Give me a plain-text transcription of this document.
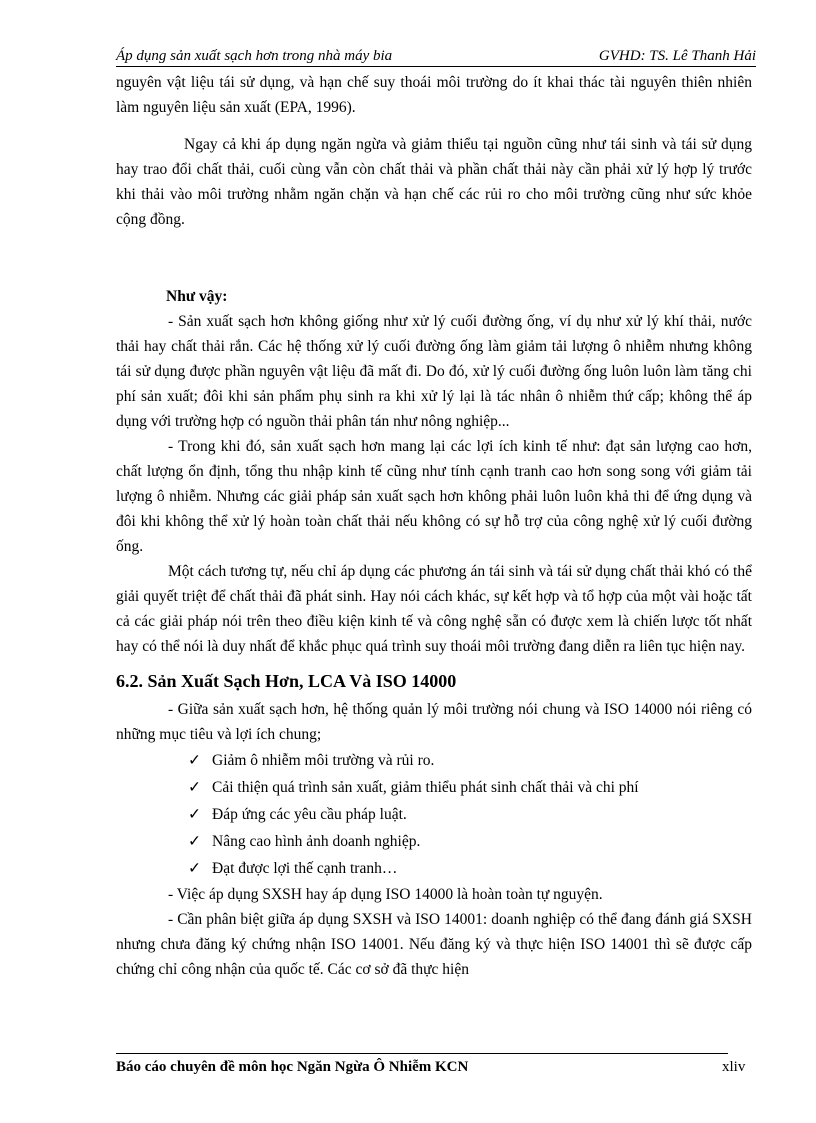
Áp dụng sản xuất sạch hơn trong nhà máy bia	GVHD: TS. Lê Thanh Hải

nguyên vật liệu tái sử dụng, và hạn chế suy thoái môi trường do ít khai thác tài nguyên thiên nhiên làm nguyên liệu sản xuất (EPA, 1996).

Ngay cả khi áp dụng ngăn ngừa và giảm thiểu tại nguồn cũng như tái sinh và tái sử dụng hay trao đổi chất thải, cuối cùng vẫn còn chất thải và phần chất thải này cần phải xử lý hợp lý trước khi thải vào môi trường nhằm ngăn chặn và hạn chế các rủi ro cho môi trường cũng như sức khỏe cộng đồng.

Như vậy:

- Sản xuất sạch hơn không giống như xử lý cuối đường ống, ví dụ như xử lý khí thải, nước thải hay chất thải rắn. Các hệ thống xử lý cuối đường ống làm giảm tải lượng ô nhiễm nhưng không tái sử dụng được phần nguyên vật liệu đã mất đi. Do đó, xử lý cuối đường ống luôn luôn làm tăng chi phí sản xuất; đôi khi sản phẩm phụ sinh ra khi xử lý lại là tác nhân ô nhiễm thứ cấp; không thể áp dụng với trường hợp có nguồn thải phân tán như nông nghiệp...

- Trong khi đó, sản xuất sạch hơn mang lại các lợi ích kinh tế như: đạt sản lượng cao hơn, chất lượng ổn định, tổng thu nhập kinh tế cũng như tính cạnh tranh cao hơn song song với giảm tải lượng ô nhiễm. Nhưng các giải pháp sản xuất sạch hơn không phải luôn luôn khả thi để ứng dụng và đôi khi không thể xử lý hoàn toàn chất thải nếu không có sự hỗ trợ của công nghệ xử lý cuối đường ống.

Một cách tương tự, nếu chỉ áp dụng các phương án tái sinh và tái sử dụng chất thải khó có thể giải quyết triệt để chất thải đã phát sinh. Hay nói cách khác, sự kết hợp và tổ hợp của một vài hoặc tất cả các giải pháp nói trên theo điều kiện kinh tế và công nghệ sẵn có được xem là chiến lược tốt nhất hay có thể nói là duy nhất để khắc phục quá trình suy thoái môi trường đang diễn ra liên tục hiện nay.

6.2. Sản Xuất Sạch Hơn, LCA Và ISO 14000

- Giữa sản xuất sạch hơn, hệ thống quản lý môi trường nói chung và ISO 14000 nói riêng có những mục tiêu và lợi ích chung;

✓ Giảm ô nhiễm môi trường và rủi ro.
✓ Cải thiện quá trình sản xuất, giảm thiểu phát sinh chất thải và chi phí
✓ Đáp ứng các yêu cầu pháp luật.
✓ Nâng cao hình ảnh doanh nghiệp.
✓ Đạt được lợi thế cạnh tranh…

- Việc áp dụng SXSH hay áp dụng ISO 14000 là hoàn toàn tự nguyện.

- Cần phân biệt giữa áp dụng SXSH và ISO 14001: doanh nghiệp có thể đang đánh giá SXSH nhưng chưa đăng ký chứng nhận ISO 14001. Nếu đăng ký và thực hiện ISO 14001 thì sẽ được cấp chứng chỉ công nhận của quốc tế. Các cơ sở đã thực hiện

Báo cáo chuyên đề môn học Ngăn Ngừa Ô Nhiễm KCN	xliv
